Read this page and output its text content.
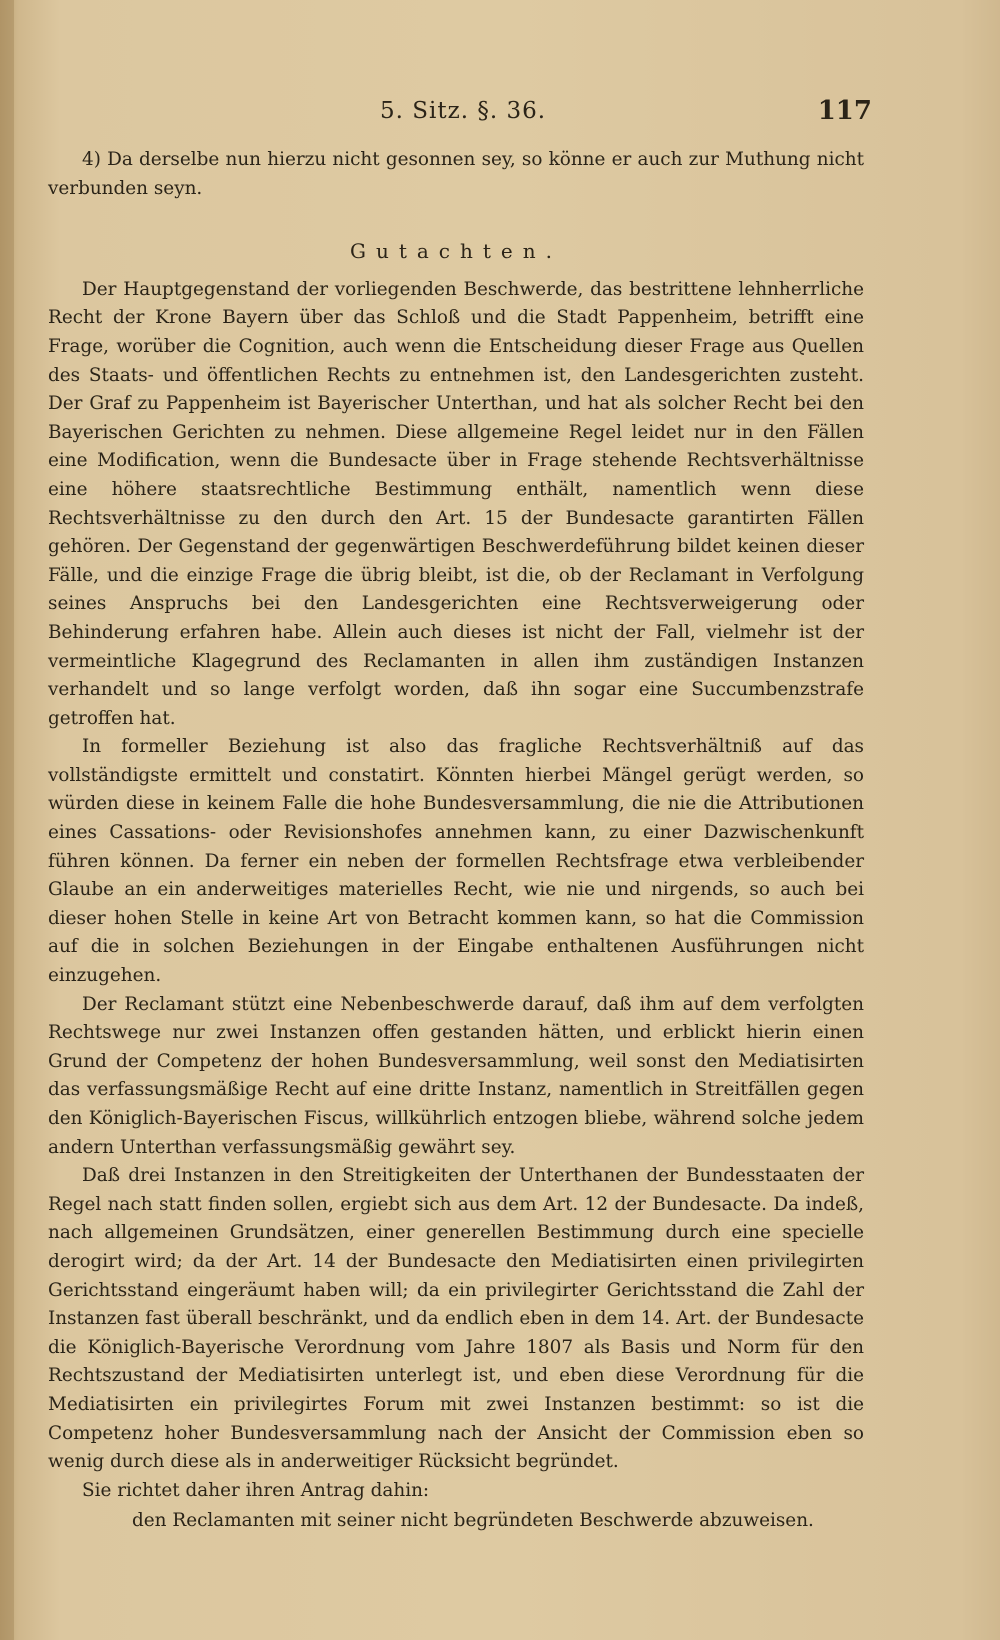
5. Sitz. §. 36.	117

4) Da derselbe nun hierzu nicht gesonnen sey, so könne er auch zur Muthung nicht verbunden seyn.

Gutachten.

Der Hauptgegenstand der vorliegenden Beschwerde, das bestrittene lehnherrliche Recht der Krone Bayern über das Schloß und die Stadt Pappenheim, betrifft eine Frage, worüber die Cognition, auch wenn die Entscheidung dieser Frage aus Quellen des Staats- und öffentlichen Rechts zu entnehmen ist, den Landesgerichten zusteht. Der Graf zu Pappenheim ist Bayerischer Unterthan, und hat als solcher Recht bei den Bayerischen Gerichten zu nehmen. Diese allgemeine Regel leidet nur in den Fällen eine Modification, wenn die Bundesacte über in Frage stehende Rechtsverhältnisse eine höhere staatsrechtliche Bestimmung enthält, namentlich wenn diese Rechtsverhältnisse zu den durch den Art. 15 der Bundesacte garantirten Fällen gehören. Der Gegenstand der gegenwärtigen Beschwerdeführung bildet keinen dieser Fälle, und die einzige Frage die übrig bleibt, ist die, ob der Reclamant in Verfolgung seines Anspruchs bei den Landesgerichten eine Rechtsverweigerung oder Behinderung erfahren habe. Allein auch dieses ist nicht der Fall, vielmehr ist der vermeintliche Klagegrund des Reclamanten in allen ihm zuständigen Instanzen verhandelt und so lange verfolgt worden, daß ihn sogar eine Succumbenzstrafe getroffen hat.

In formeller Beziehung ist also das fragliche Rechtsverhältniß auf das vollständigste ermittelt und constatirt. Könnten hierbei Mängel gerügt werden, so würden diese in keinem Falle die hohe Bundesversammlung, die nie die Attributionen eines Cassations- oder Revisionshofes annehmen kann, zu einer Dazwischenkunft führen können. Da ferner ein neben der formellen Rechtsfrage etwa verbleibender Glaube an ein anderweitiges materielles Recht, wie nie und nirgends, so auch bei dieser hohen Stelle in keine Art von Betracht kommen kann, so hat die Commission auf die in solchen Beziehungen in der Eingabe enthaltenen Ausführungen nicht einzugehen.

Der Reclamant stützt eine Nebenbeschwerde darauf, daß ihm auf dem verfolgten Rechtswege nur zwei Instanzen offen gestanden hätten, und erblickt hierin einen Grund der Competenz der hohen Bundesversammlung, weil sonst den Mediatisirten das verfassungsmäßige Recht auf eine dritte Instanz, namentlich in Streitfällen gegen den Königlich-Bayerischen Fiscus, willkührlich entzogen bliebe, während solche jedem andern Unterthan verfassungsmäßig gewährt sey.

Daß drei Instanzen in den Streitigkeiten der Unterthanen der Bundesstaaten der Regel nach statt finden sollen, ergiebt sich aus dem Art. 12 der Bundesacte. Da indeß, nach allgemeinen Grundsätzen, einer generellen Bestimmung durch eine specielle derogirt wird; da der Art. 14 der Bundesacte den Mediatisirten einen privilegirten Gerichtsstand eingeräumt haben will; da ein privilegirter Gerichtsstand die Zahl der Instanzen fast überall beschränkt, und da endlich eben in dem 14. Art. der Bundesacte die Königlich-Bayerische Verordnung vom Jahre 1807 als Basis und Norm für den Rechtszustand der Mediatisirten unterlegt ist, und eben diese Verordnung für die Mediatisirten ein privilegirtes Forum mit zwei Instanzen bestimmt: so ist die Competenz hoher Bundesversammlung nach der Ansicht der Commission eben so wenig durch diese als in anderweitiger Rücksicht begründet.

Sie richtet daher ihren Antrag dahin:

den Reclamanten mit seiner nicht begründeten Beschwerde abzuweisen.
